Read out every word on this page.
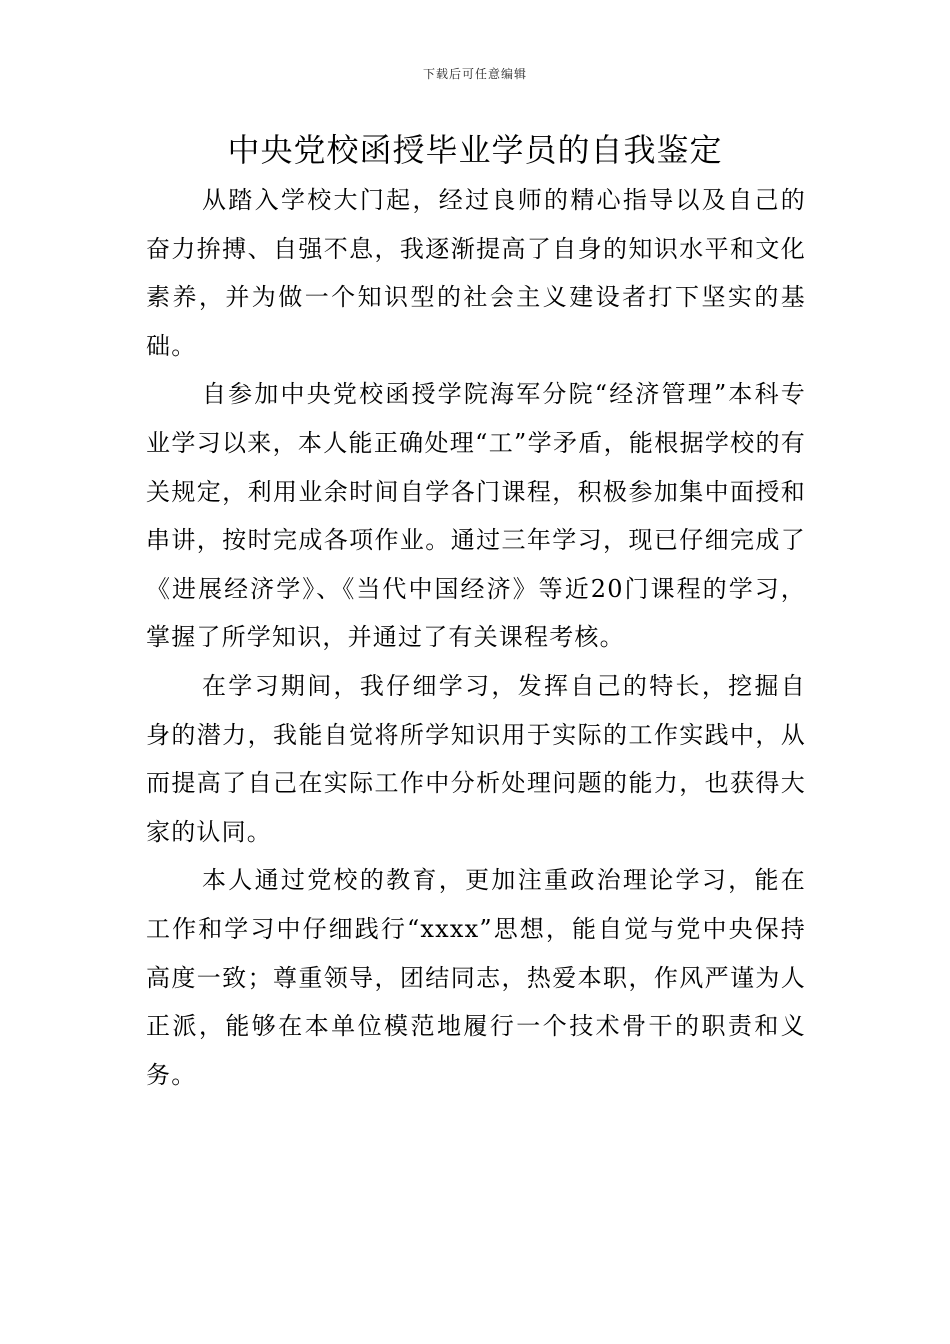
下载后可任意编辑
中央党校函授毕业学员的自我鉴定

从踏入学校大门起，经过良师的精心指导以及自己的奋力拚搏、自强不息，我逐渐提高了自身的知识水平和文化素养，并为做一个知识型的社会主义建设者打下坚实的基础。

自参加中央党校函授学院海军分院“经济管理”本科专业学习以来，本人能正确处理“工”学矛盾，能根据学校的有关规定，利用业余时间自学各门课程，积极参加集中面授和串讲，按时完成各项作业。通过三年学习，现已仔细完成了《进展经济学》、《当代中国经济》等近20门课程的学习，掌握了所学知识，并通过了有关课程考核。

在学习期间，我仔细学习，发挥自己的特长，挖掘自身的潜力，我能自觉将所学知识用于实际的工作实践中，从而提高了自己在实际工作中分析处理问题的能力，也获得大家的认同。

本人通过党校的教育，更加注重政治理论学习，能在工作和学习中仔细践行“xxxx”思想，能自觉与党中央保持高度一致；尊重领导，团结同志，热爱本职，作风严谨为人正派，能够在本单位模范地履行一个技术骨干的职责和义务。
